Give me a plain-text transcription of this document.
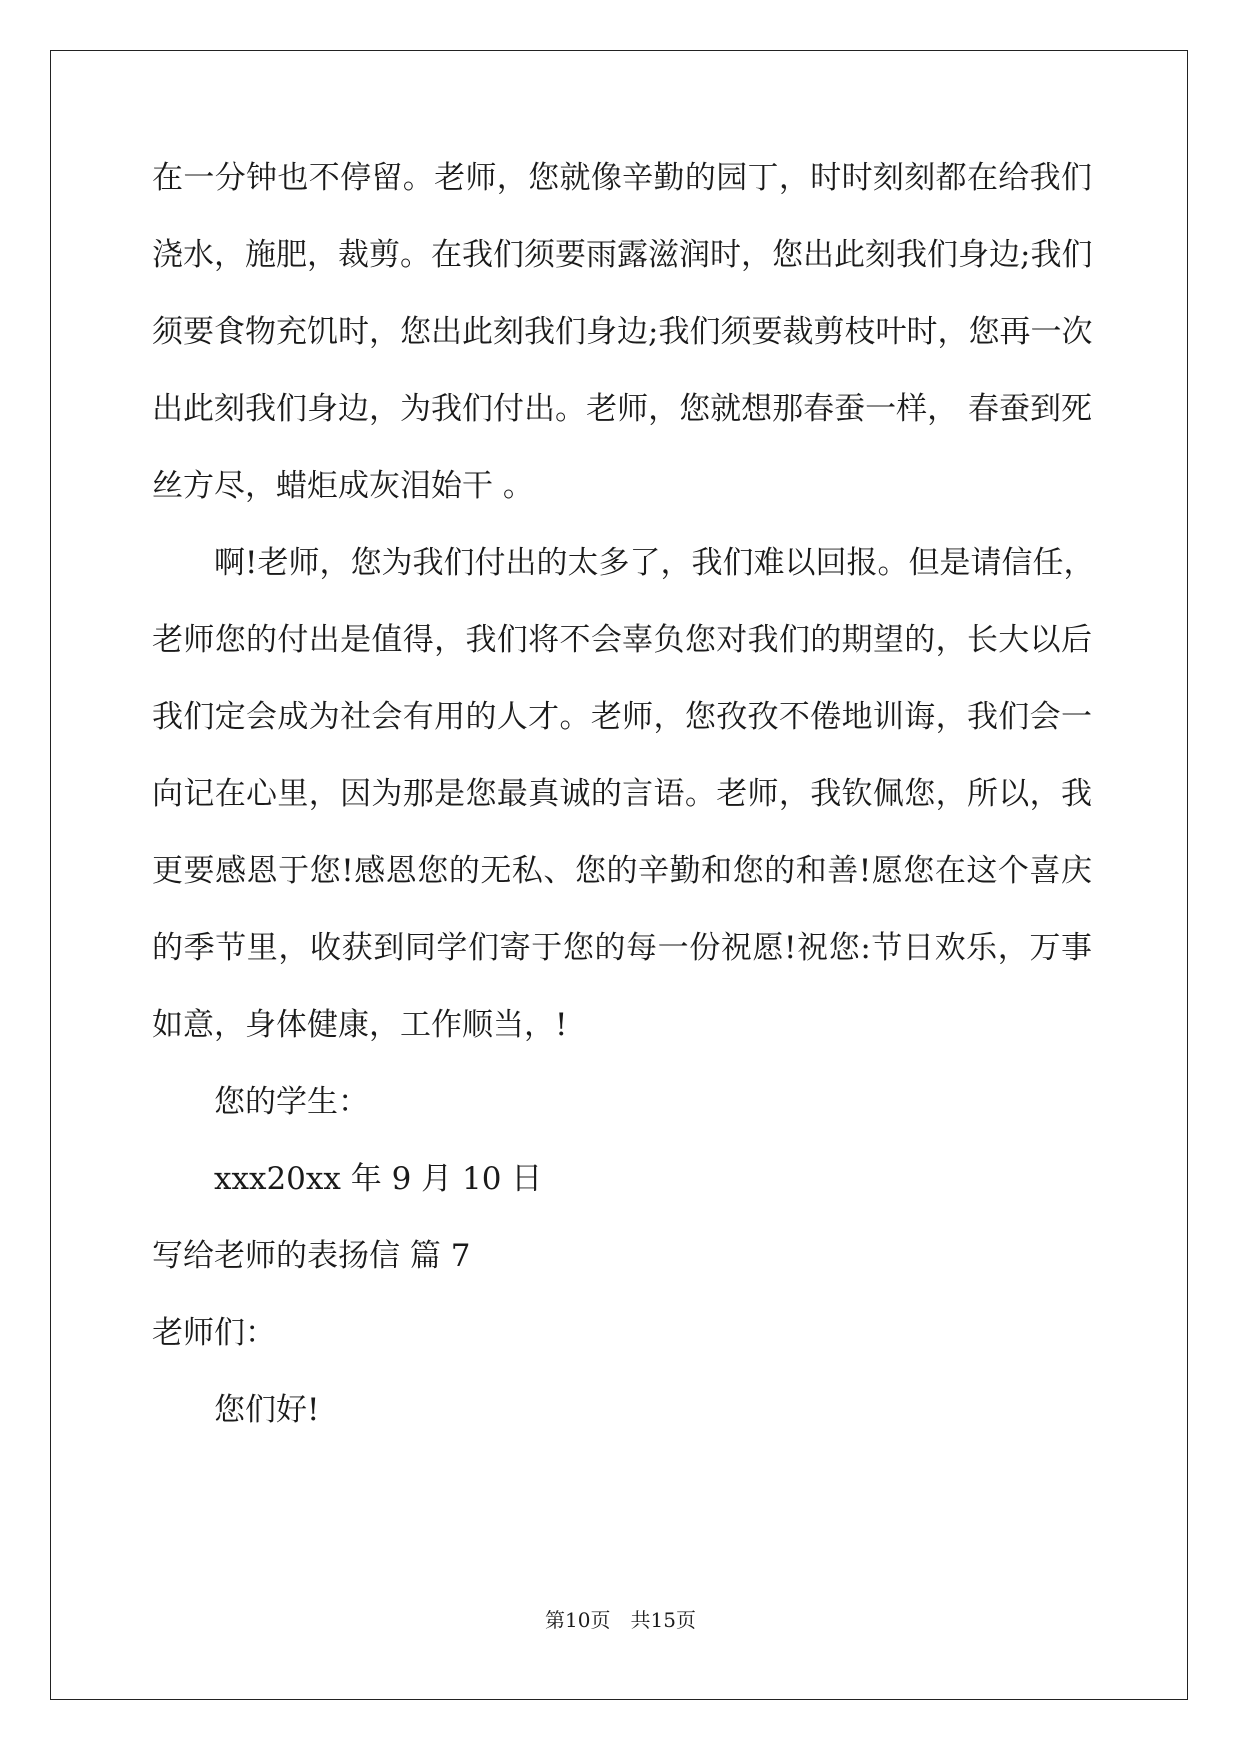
在一分钟也不停留。老师，您就像辛勤的园丁，时时刻刻都在给我们
浇水，施肥，裁剪。在我们须要雨露滋润时，您出此刻我们身边;我们
须要食物充饥时，您出此刻我们身边;我们须要裁剪枝叶时，您再一次
出此刻我们身边，为我们付出。老师，您就想那春蚕一样， 春蚕到死
丝方尽，蜡炬成灰泪始干 。
啊!老师，您为我们付出的太多了，我们难以回报。但是请信任，
老师您的付出是值得，我们将不会辜负您对我们的期望的，长大以后
我们定会成为社会有用的人才。老师，您孜孜不倦地训诲，我们会一
向记在心里，因为那是您最真诚的言语。老师，我钦佩您，所以，我
更要感恩于您!感恩您的无私、您的辛勤和您的和善!愿您在这个喜庆
的季节里，收获到同学们寄于您的每一份祝愿!祝您:节日欢乐，万事
如意，身体健康，工作顺当，!
您的学生：
xxx20xx 年 9 月 10 日
写给老师的表扬信 篇 7
老师们：
您们好!
第10页　共15页
